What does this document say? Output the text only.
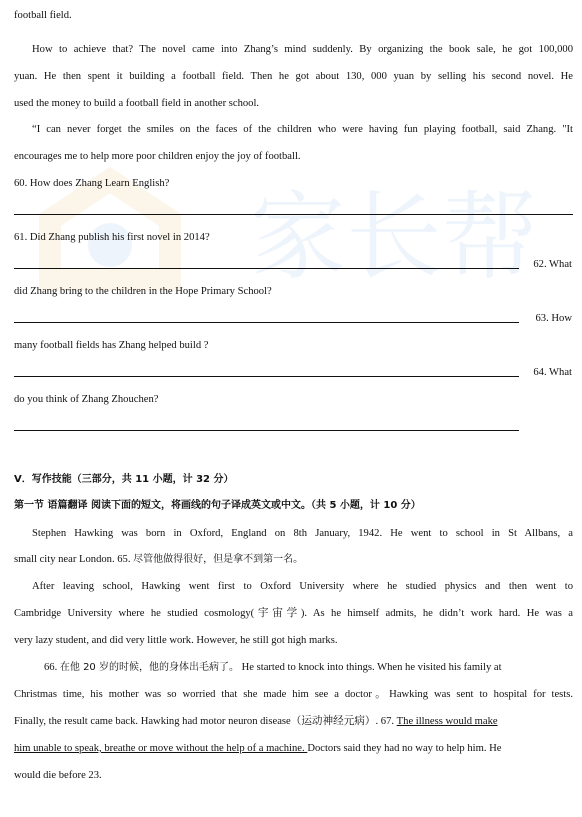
家长帮
football field.
How to achieve that? The novel came into Zhang’s mind suddenly. By organizing the book sale, he got 100,000
yuan. He then spent it building a football field. Then he got about 130, 000 yuan by selling his second novel. He
used the money to build a football field in another school.
“I can never forget the smiles on the faces of the children who were having fun playing football, said Zhang. "It
encourages me to help more poor children enjoy the joy of football.
60. How does Zhang Learn English?
61. Did Zhang publish his first novel in 2014?
62. What
did Zhang bring to the children in the Hope Primary School?
63. How
many football fields has Zhang helped build ?
64. What
do you think of Zhang Zhouchen?
V．写作技能（三部分，共 11 小题，计 32 分）
第一节 语篇翻译 阅读下面的短文，将画线的句子译成英文或中文。（共 5 小题，计 10 分）
Stephen Hawking was born in Oxford, England on 8th January, 1942. He went to school in St Allbans, a
small city near London. 65. 尽管他做得很好，但是拿不到第一名。
After leaving school, Hawking went first to Oxford University where he studied physics and then went to
Cambridge University where he studied cosmology(宇宙学). As he himself admits, he didn’t work hard. He was a
very lazy student, and did very little work. However, he still got high marks.
66. 在他 20 岁的时候，他的身体出毛病了。 He started to knock into things. When he visited his family at
Christmas time, his mother was so worried that she made him see a doctor。Hawking was sent to hospital for tests.
Finally, the result came back. Hawking had motor neuron disease（运动神经元病）. 67. The illness would make
him unable to speak, breathe or move without the help of a machine. Doctors said they had no way to help him. He
would die before 23.
